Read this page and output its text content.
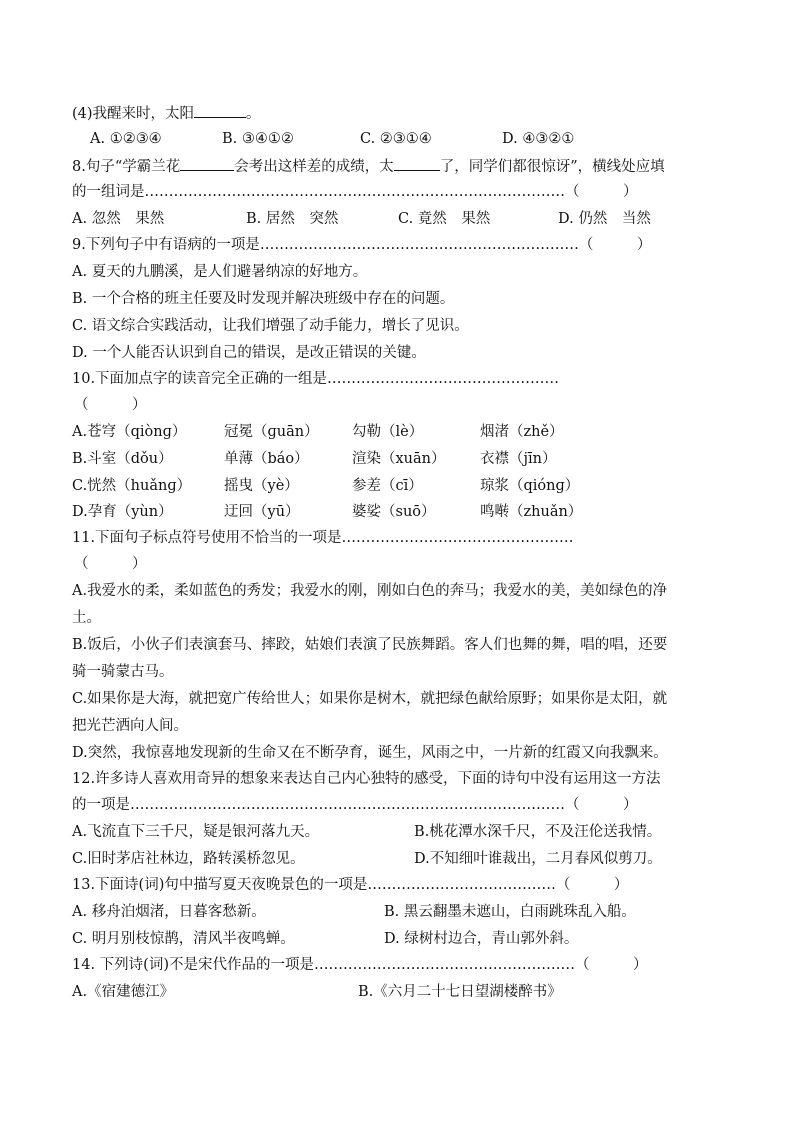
(4)我醒来时，太阳	。
A. ①②③④	B. ③④①②	C. ②③①④	D. ④③②①
8.句子“学霸兰花	会考出这样差的成绩，太	了，同学们都很惊讶”，横线处应填
的一组词是……………………………………………………………………………（　　　）
A. 忽然　果然	B. 居然　突然	C. 竟然　果然	D. 仍然　当然
9.下列句子中有语病的一项是…………………………………………………………（　　　）
A. 夏天的九鹏溪，是人们避暑纳凉的好地方。
B. 一个合格的班主任要及时发现并解决班级中存在的问题。
C. 语文综合实践活动，让我们增强了动手能力，增长了见识。
D. 一个人能否认识到自己的错误，是改正错误的关键。
10.下面加点字的读音完全正确的一组是…………………………………………
（　　　）
A.苍穹（qiònɡ）	冠冕（ɡuān） 勾勒（lè）	烟渚（zhě）
B.斗室（dǒu）	单薄（báo）	渲染（xuān） 衣襟（jīn）
C.恍然（huǎnɡ） 摇曳（yè）	参差（cī）	琼浆（qiónɡ）
D.孕育（yùn）	迂回（yū）	婆娑（suō）	鸣啭（zhuǎn）
11.下面句子标点符号使用不恰当的一项是…………………………………………
（　　　）
A.我爱水的柔，柔如蓝色的秀发；我爱水的刚，刚如白色的奔马；我爱水的美，美如绿色的净
土。
B.饭后，小伙子们表演套马、摔跤，姑娘们表演了民族舞蹈。客人们也舞的舞，唱的唱，还要
骑一骑蒙古马。
C.如果你是大海，就把宽广传给世人；如果你是树木，就把绿色献给原野；如果你是太阳，就
把光芒洒向人间。
D.突然，我惊喜地发现新的生命又在不断孕育，诞生，风雨之中，一片新的红霞又向我飘来。
12.许多诗人喜欢用奇异的想象来表达自己内心独特的感受，下面的诗句中没有运用这一方法
的一项是………………………………………………………………………………（　　　）
A.飞流直下三千尺，疑是银河落九天。	B.桃花潭水深千尺，不及汪伦送我情。
C.旧时茅店社林边，路转溪桥忽见。	D.不知细叶谁裁出，二月春风似剪刀。
13.下面诗(词)句中描写夏天夜晚景色的一项是…………………………………（　　　）
A. 移舟泊烟渚，日暮客愁新。	B. 黑云翻墨未遮山，白雨跳珠乱入船。
C. 明月别枝惊鹊，清风半夜鸣蝉。	D. 绿树村边合，青山郭外斜。
14. 下列诗(词)不是宋代作品的一项是………………………………………………（　　　）
A.《宿建德江》	B.《六月二十七日望湖楼醉书》
